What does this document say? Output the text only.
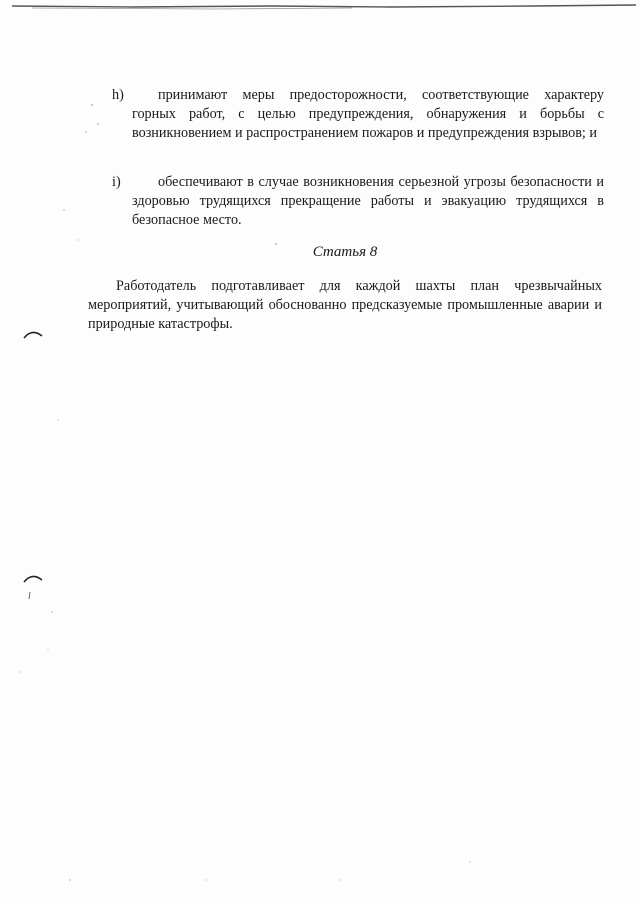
h)	принимают меры предосторожности, соответствующие характеру горных работ, с целью предупреждения, обнаружения и борьбы с возникновением и распространением пожаров и предупреждения взрывов; и

i)	обеспечивают в случае возникновения серьезной угрозы безопасности и здоровью трудящихся прекращение работы и эвакуацию трудящихся в безопасное место.

Статья 8

Работодатель подготавливает для каждой шахты план чрезвычайных мероприятий, учитывающий обоснованно предсказуемые промышленные аварии и природные катастрофы.
